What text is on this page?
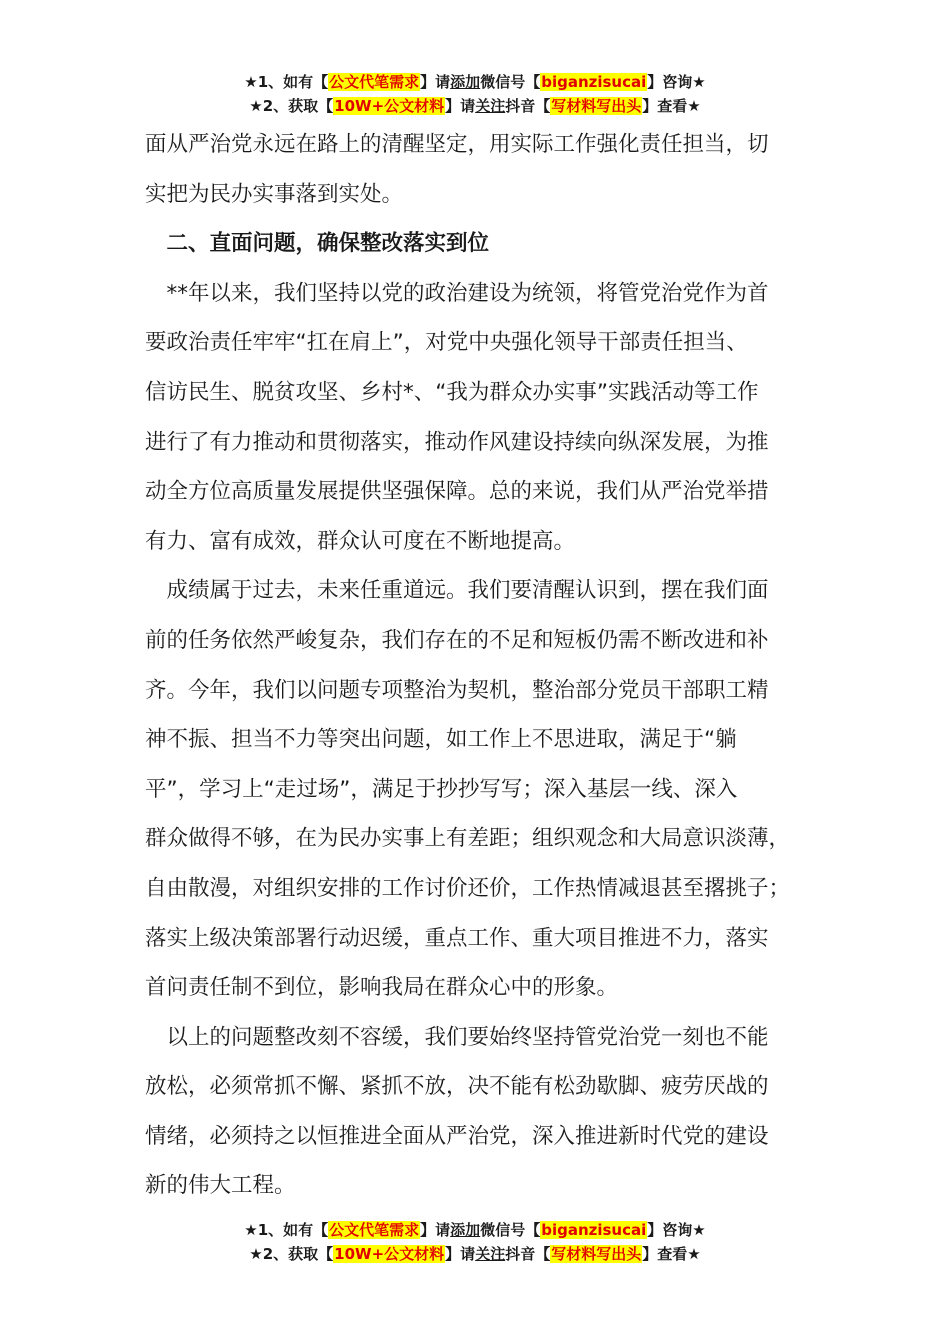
★1、如有【公文代笔需求】请添加微信号【biganzisucai】咨询★
★2、获取【10W+公文材料】请关注抖音【写材料写出头】查看★
面从严治党永远在路上的清醒坚定，用实际工作强化责任担当，切
实把为民办实事落到实处。
　二、直面问题，确保整改落实到位
　**年以来，我们坚持以党的政治建设为统领，将管党治党作为首
要政治责任牢牢“扛在肩上”，对党中央强化领导干部责任担当、
信访民生、脱贫攻坚、乡村*、“我为群众办实事”实践活动等工作
进行了有力推动和贯彻落实，推动作风建设持续向纵深发展，为推
动全方位高质量发展提供坚强保障。总的来说，我们从严治党举措
有力、富有成效，群众认可度在不断地提高。
　成绩属于过去，未来任重道远。我们要清醒认识到，摆在我们面
前的任务依然严峻复杂，我们存在的不足和短板仍需不断改进和补
齐。今年，我们以问题专项整治为契机，整治部分党员干部职工精
神不振、担当不力等突出问题，如工作上不思进取，满足于“躺
平”，学习上“走过场”，满足于抄抄写写；深入基层一线、深入
群众做得不够，在为民办实事上有差距；组织观念和大局意识淡薄，
自由散漫，对组织安排的工作讨价还价，工作热情减退甚至撂挑子；
落实上级决策部署行动迟缓，重点工作、重大项目推进不力，落实
首问责任制不到位，影响我局在群众心中的形象。
　以上的问题整改刻不容缓，我们要始终坚持管党治党一刻也不能
放松，必须常抓不懈、紧抓不放，决不能有松劲歇脚、疲劳厌战的
情绪，必须持之以恒推进全面从严治党，深入推进新时代党的建设
新的伟大工程。
★1、如有【公文代笔需求】请添加微信号【biganzisucai】咨询★
★2、获取【10W+公文材料】请关注抖音【写材料写出头】查看★
